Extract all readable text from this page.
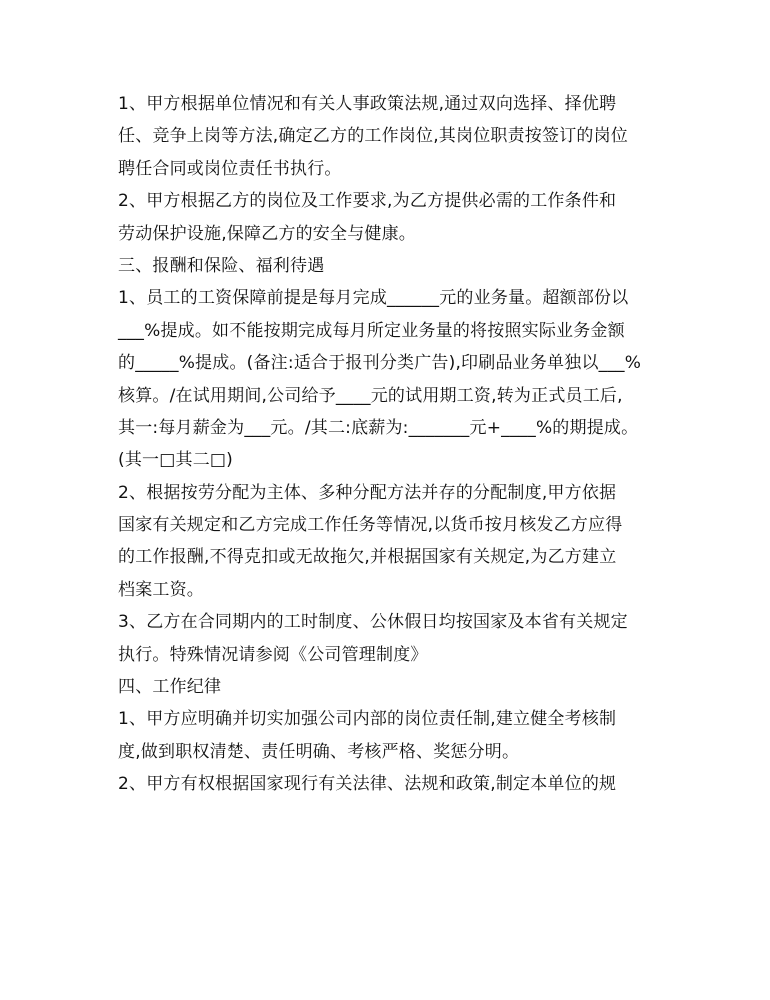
1、甲方根据单位情况和有关人事政策法规,通过双向选择、择优聘
任、竞争上岗等方法,确定乙方的工作岗位,其岗位职责按签订的岗位
聘任合同或岗位责任书执行。
2、甲方根据乙方的岗位及工作要求,为乙方提供必需的工作条件和
劳动保护设施,保障乙方的安全与健康。
三、报酬和保险、福利待遇
1、员工的工资保障前提是每月完成______元的业务量。超额部份以
___%提成。如不能按期完成每月所定业务量的将按照实际业务金额
的_____%提成。(备注:适合于报刊分类广告),印刷品业务单独以___%
核算。/在试用期间,公司给予____元的试用期工资,转为正式员工后,
其一:每月薪金为___元。/其二:底薪为:_______元+____%的期提成。
(其一□其二□)
2、根据按劳分配为主体、多种分配方法并存的分配制度,甲方依据
国家有关规定和乙方完成工作任务等情况,以货币按月核发乙方应得
的工作报酬,不得克扣或无故拖欠,并根据国家有关规定,为乙方建立
档案工资。
3、乙方在合同期内的工时制度、公休假日均按国家及本省有关规定
执行。特殊情况请参阅《公司管理制度》
四、工作纪律
1、甲方应明确并切实加强公司内部的岗位责任制,建立健全考核制
度,做到职权清楚、责任明确、考核严格、奖惩分明。
2、甲方有权根据国家现行有关法律、法规和政策,制定本单位的规
